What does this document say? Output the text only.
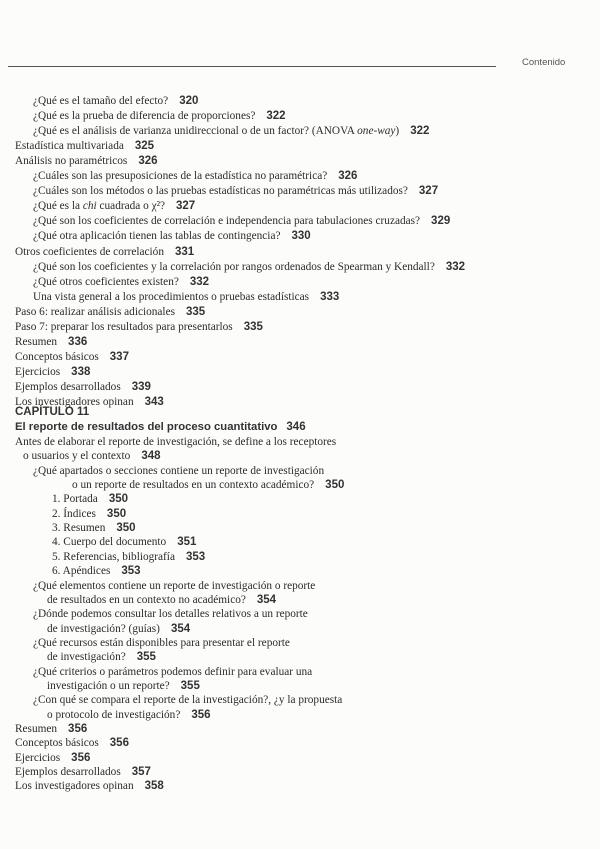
Contenido
¿Qué es el tamaño del efecto? 320
¿Qué es la prueba de diferencia de proporciones? 322
¿Qué es el análisis de varianza unidireccional o de un factor? (ANOVA one-way) 322
Estadística multivariada 325
Análisis no paramétricos 326
¿Cuáles son las presuposiciones de la estadística no paramétrica? 326
¿Cuáles son los métodos o las pruebas estadísticas no paramétricas más utilizados? 327
¿Qué es la chi cuadrada o χ²? 327
¿Qué son los coeficientes de correlación e independencia para tabulaciones cruzadas? 329
¿Qué otra aplicación tienen las tablas de contingencia? 330
Otros coeficientes de correlación 331
¿Qué son los coeficientes y la correlación por rangos ordenados de Spearman y Kendall? 332
¿Qué otros coeficientes existen? 332
Una vista general a los procedimientos o pruebas estadísticas 333
Paso 6: realizar análisis adicionales 335
Paso 7: preparar los resultados para presentarlos 335
Resumen 336
Conceptos básicos 337
Ejercicios 338
Ejemplos desarrollados 339
Los investigadores opinan 343
CAPÍTULO 11
El reporte de resultados del proceso cuantitativo 346
Antes de elaborar el reporte de investigación, se define a los receptores
o usuarios y el contexto 348
¿Qué apartados o secciones contiene un reporte de investigación
o un reporte de resultados en un contexto académico? 350
1. Portada 350
2. Índices 350
3. Resumen 350
4. Cuerpo del documento 351
5. Referencias, bibliografía 353
6. Apéndices 353
¿Qué elementos contiene un reporte de investigación o reporte
de resultados en un contexto no académico? 354
¿Dónde podemos consultar los detalles relativos a un reporte
de investigación? (guías) 354
¿Qué recursos están disponibles para presentar el reporte
de investigación? 355
¿Qué criterios o parámetros podemos definir para evaluar una
investigación o un reporte? 355
¿Con qué se compara el reporte de la investigación?, ¿y la propuesta
o protocolo de investigación? 356
Resumen 356
Conceptos básicos 356
Ejercicios 356
Ejemplos desarrollados 357
Los investigadores opinan 358
